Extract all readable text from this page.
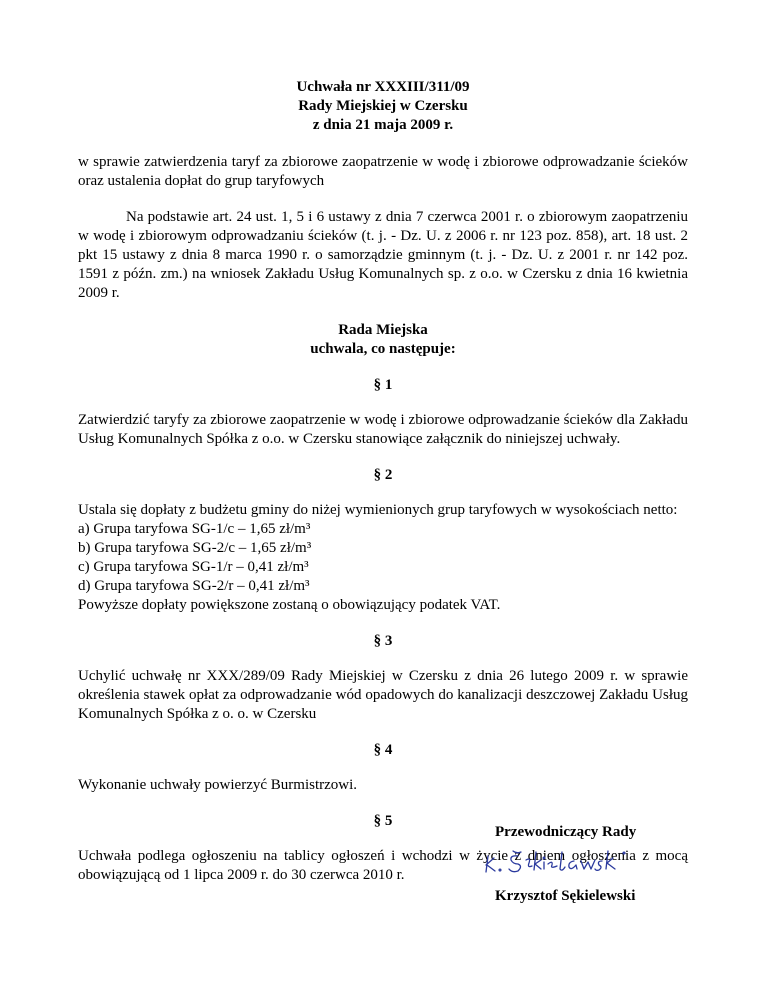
Uchwała nr XXXIII/311/09
Rady Miejskiej w Czersku
z dnia 21 maja 2009 r.

w sprawie zatwierdzenia taryf za zbiorowe zaopatrzenie w wodę i zbiorowe odprowadzanie ścieków oraz ustalenia dopłat do grup taryfowych

Na podstawie art. 24 ust. 1, 5 i 6 ustawy z dnia 7 czerwca 2001 r. o zbiorowym zaopatrzeniu w wodę i zbiorowym odprowadzaniu ścieków (t. j. - Dz. U. z 2006 r. nr 123 poz. 858), art. 18 ust. 2 pkt 15 ustawy z dnia 8 marca 1990 r. o samorządzie gminnym (t. j. - Dz. U. z 2001 r. nr 142 poz. 1591 z późn. zm.) na wniosek Zakładu Usług Komunalnych sp. z o.o. w Czersku z dnia 16 kwietnia 2009 r.

Rada Miejska
uchwala, co następuje:
§ 1

Zatwierdzić taryfy za zbiorowe zaopatrzenie w wodę i zbiorowe odprowadzanie ścieków dla Zakładu Usług Komunalnych Spółka z o.o. w Czersku stanowiące załącznik do niniejszej uchwały.

§ 2

Ustala się dopłaty z budżetu gminy do niżej wymienionych grup taryfowych w wysokościach netto:

a) Grupa taryfowa SG-1/c – 1,65 zł/m³
b) Grupa taryfowa SG-2/c – 1,65 zł/m³
c) Grupa taryfowa SG-1/r – 0,41 zł/m³
d) Grupa taryfowa SG-2/r – 0,41 zł/m³
Powyższe dopłaty powiększone zostaną o obowiązujący podatek VAT.
§ 3

Uchylić uchwałę nr XXX/289/09 Rady Miejskiej w Czersku z dnia 26 lutego 2009 r. w sprawie określenia stawek opłat za odprowadzanie wód opadowych do kanalizacji deszczowej Zakładu Usług Komunalnych Spółka z o. o. w Czersku

§ 4

Wykonanie uchwały powierzyć Burmistrzowi.

§ 5

Uchwała podlega ogłoszeniu na tablicy ogłoszeń i wchodzi w życie z dniem ogłoszenia z mocą obowiązującą od 1 lipca 2009 r. do 30 czerwca 2010 r.

Przewodniczący Rady
Krzysztof Sękielewski
